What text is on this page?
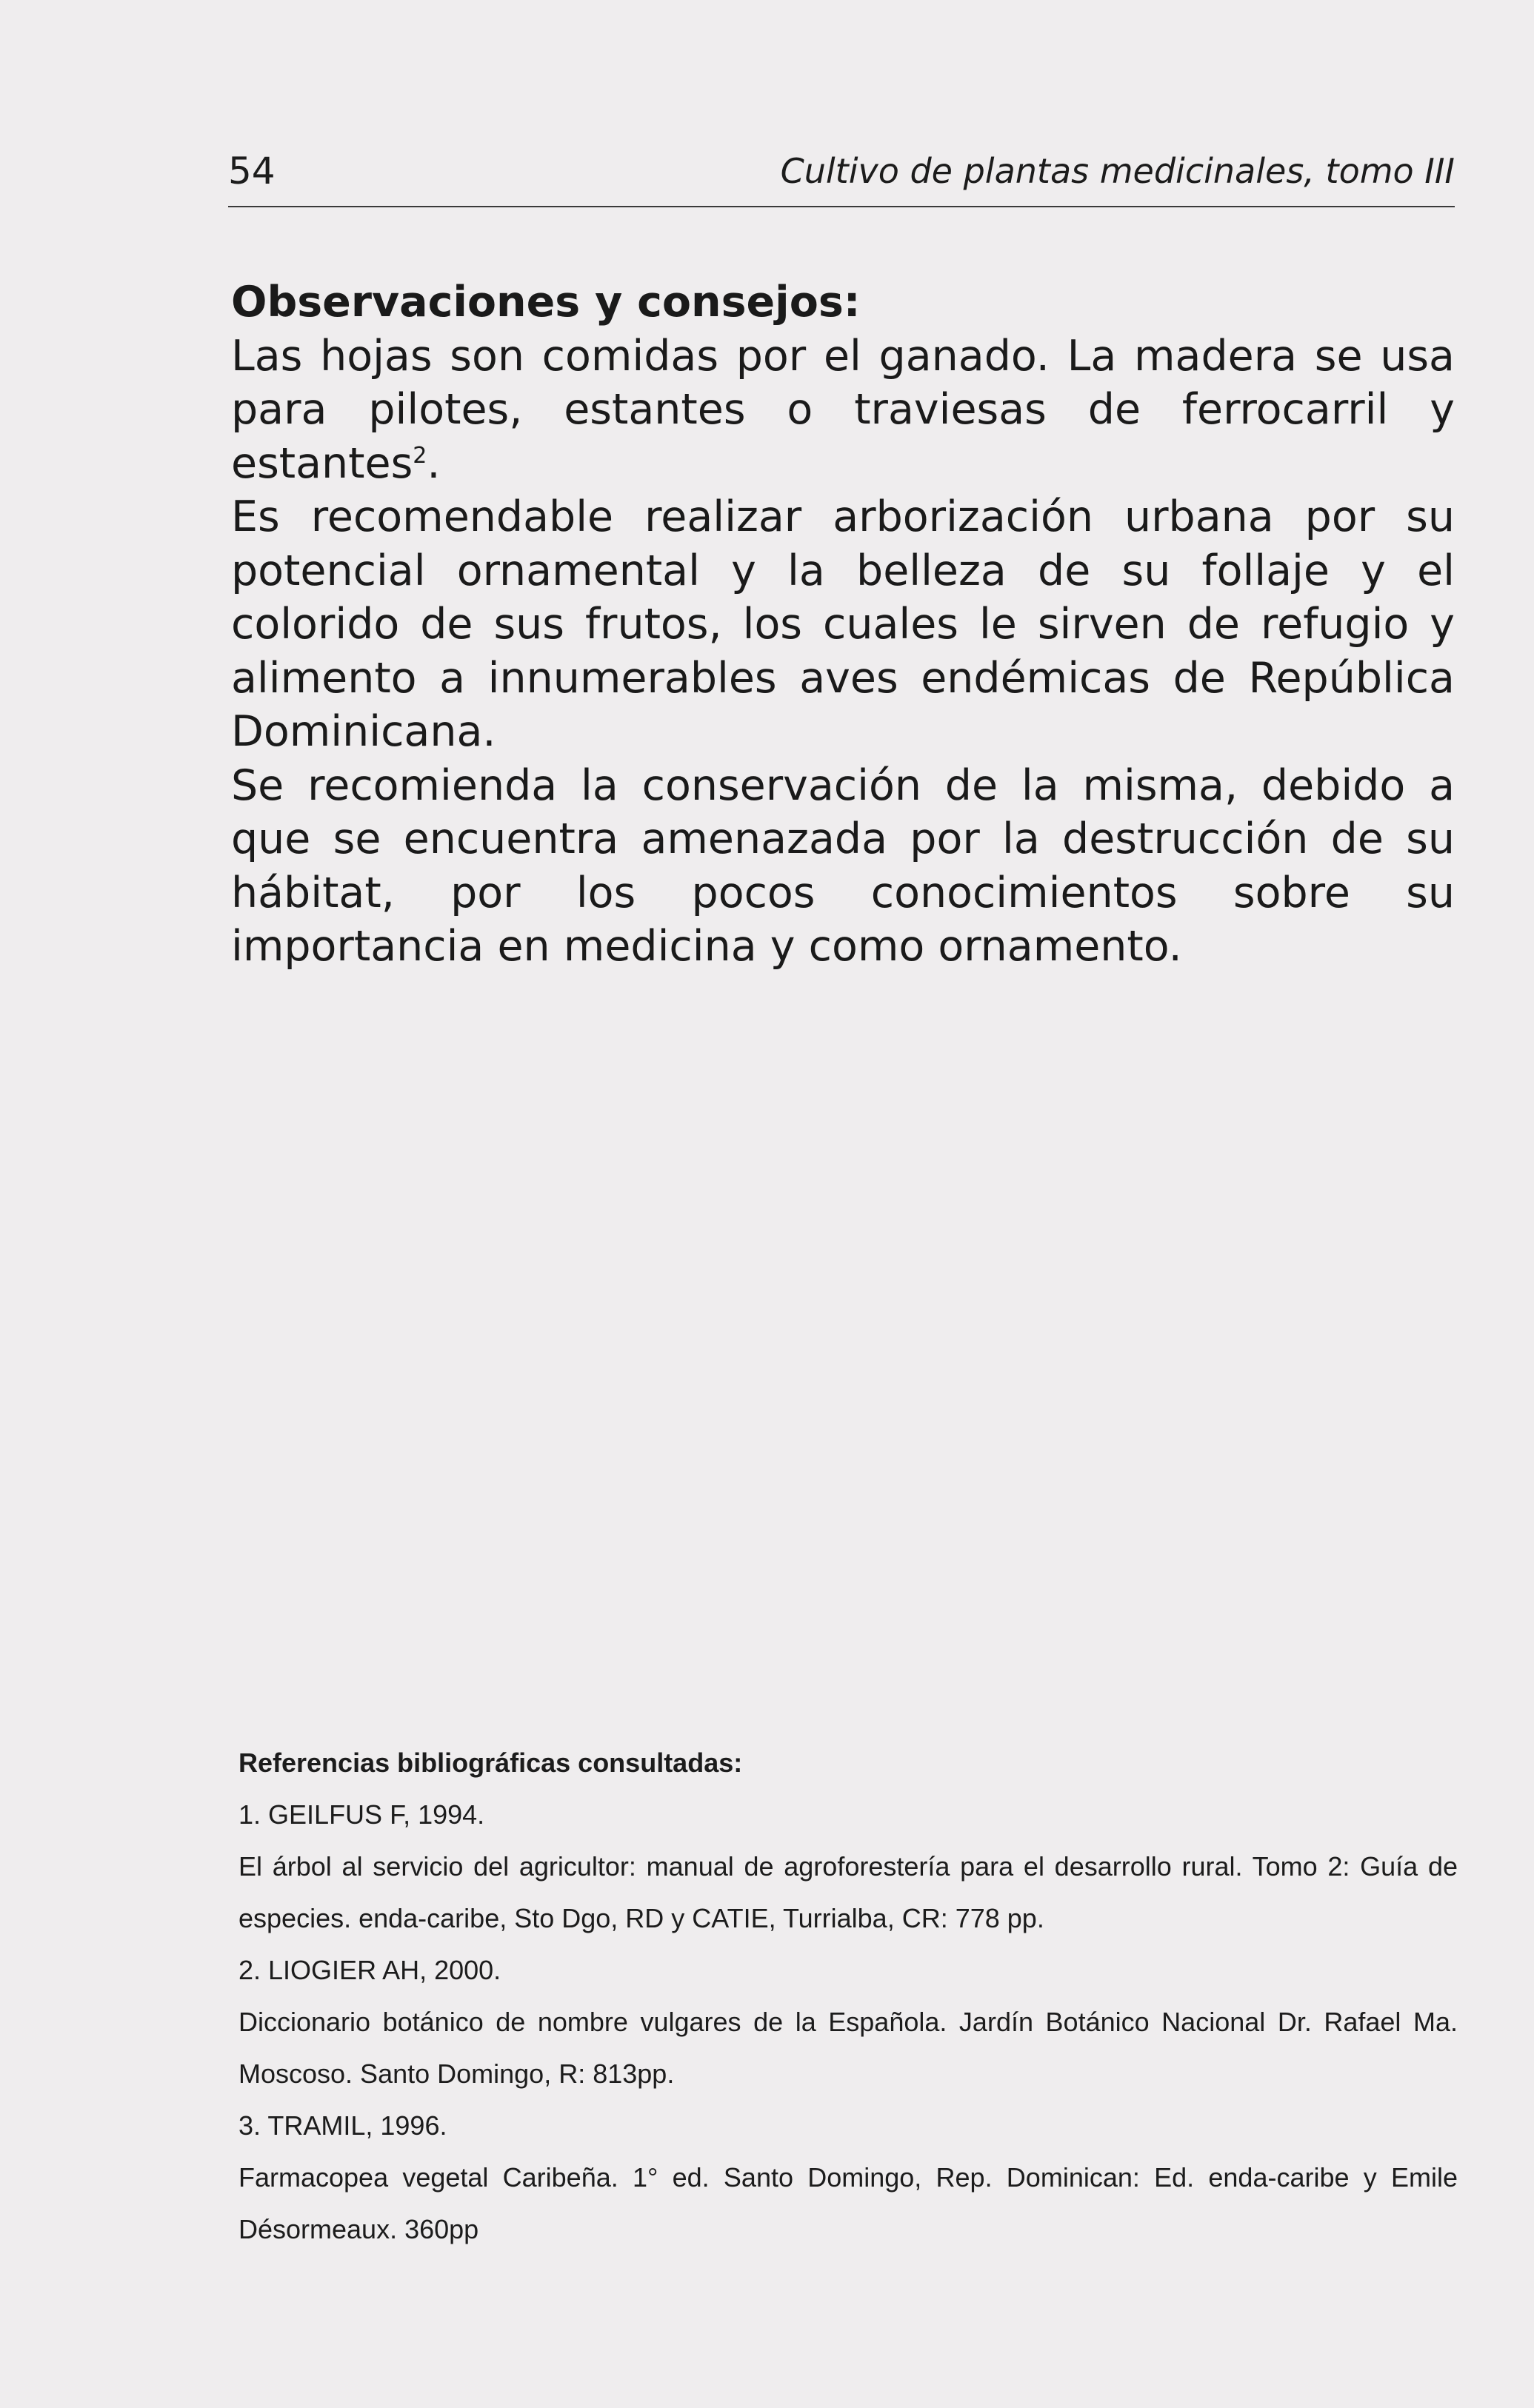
54	Cultivo de plantas medicinales, tomo III

Observaciones y consejos:

Las hojas son comidas por el ganado. La madera se usa para pilotes, estantes o traviesas de ferrocarril y estantes$^2$.

Es recomendable realizar arborización urbana por su potencial ornamental y la belleza de su follaje y el colorido de sus frutos, los cuales le sirven de refugio y alimento a innumerables aves endémicas de República Dominicana.

Se recomienda la conservación de la misma, debido a que se encuentra amenazada por la destrucción de su hábitat, por los pocos conocimientos sobre su importancia en medicina y como ornamento.

Referencias bibliográficas consultadas:

1. GEILFUS F, 1994.

El árbol al servicio del agricultor: manual de agroforestería para el desarrollo rural. Tomo 2: Guía de especies. enda-caribe, Sto Dgo, RD y CATIE, Turrialba, CR: 778 pp.

2. LIOGIER AH, 2000.

Diccionario botánico de nombre vulgares de la Española. Jardín Botánico Nacional Dr. Rafael Ma. Moscoso. Santo Domingo, R: 813pp.

3. TRAMIL, 1996.

Farmacopea vegetal Caribeña. 1° ed. Santo Domingo, Rep. Dominican: Ed. enda-caribe y Emile Désormeaux. 360pp
